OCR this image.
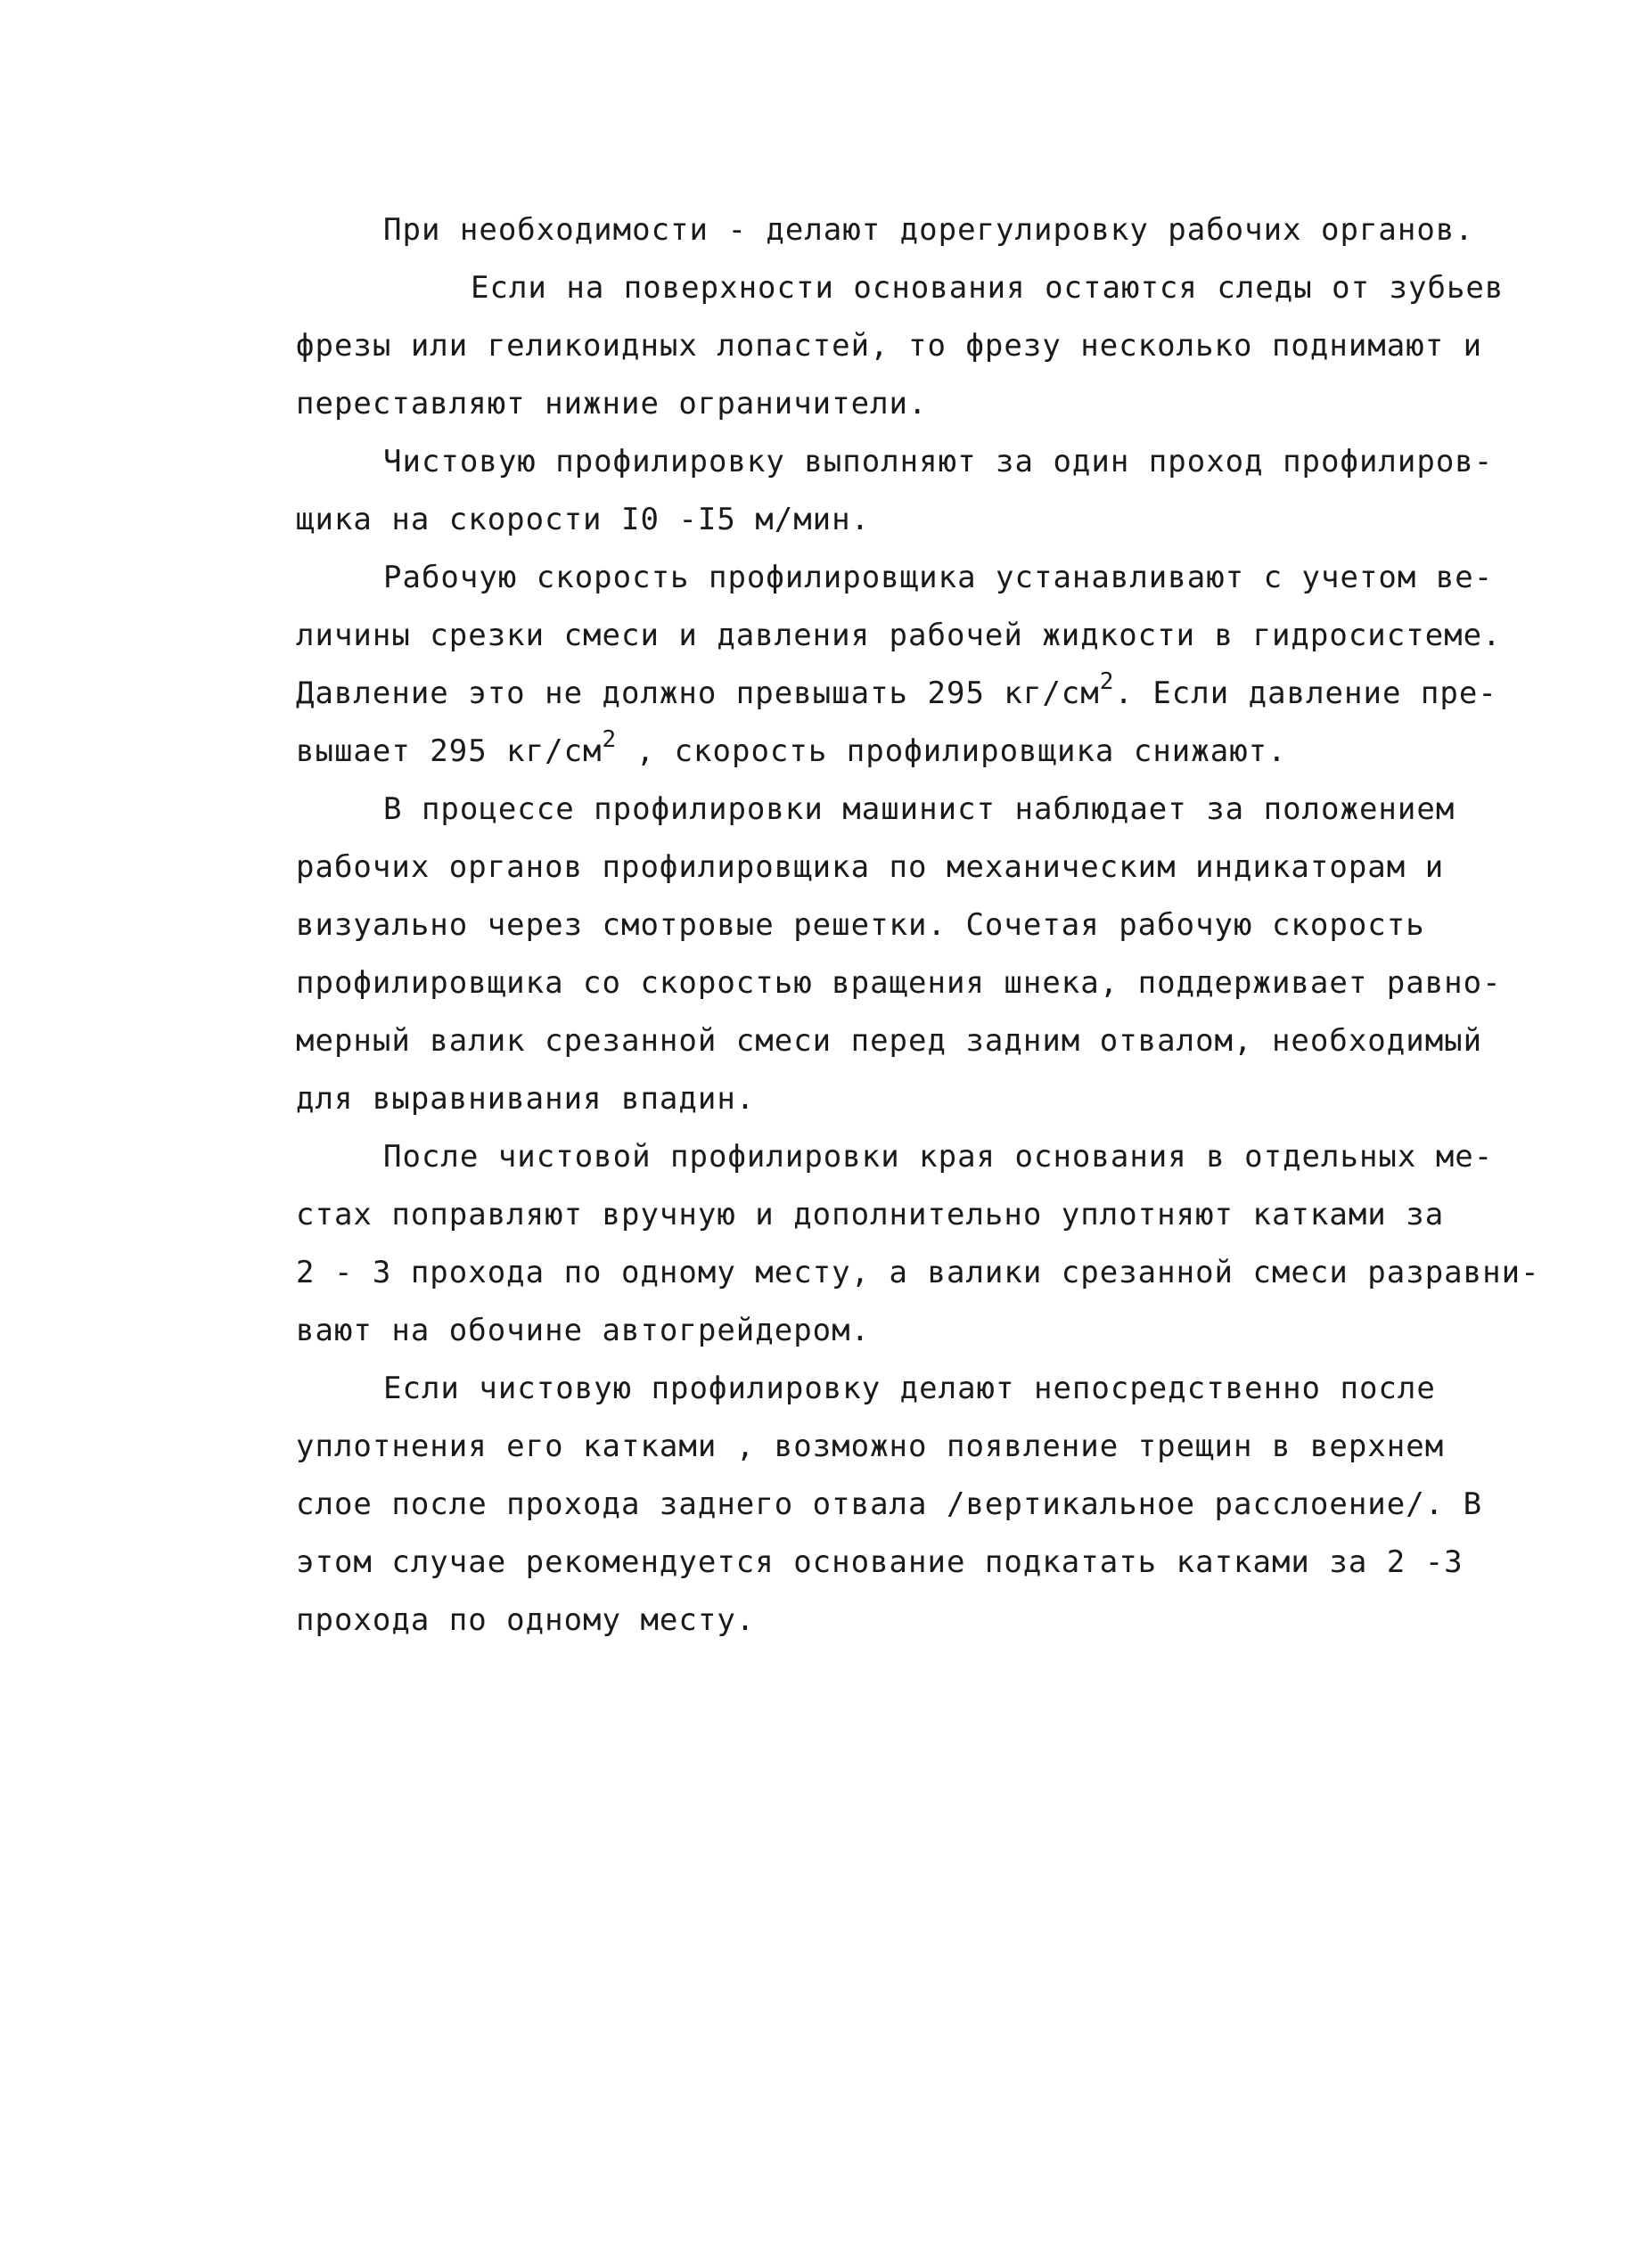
При необходимости - делают дорегулировку рабочих органов.
Если на поверхности основания остаются следы от зубьев
фрезы или геликоидных лопастей, то фрезу несколько поднимают и
переставляют нижние ограничители.
Чистовую профилировку выполняют за один проход профилиров-
щика на скорости I0 -I5 м/мин.
Рабочую скорость профилировщика устанавливают с учетом ве-
личины срезки смеси и давления рабочей жидкости в гидросистеме.
Давление это не должно превышать 295 $кг/см^2$. Если давление пре-
вышает 295 $кг/см^2$ , скорость профилировщика снижают.
В процессе профилировки машинист наблюдает за положением
рабочих органов профилировщика по механическим индикаторам и
визуально через смотровые решетки. Сочетая рабочую скорость
профилировщика со скоростью вращения шнека, поддерживает равно-
мерный валик срезанной смеси перед задним отвалом, необходимый
для выравнивания впадин.
После чистовой профилировки края основания в отдельных ме-
стах поправляют вручную и дополнительно уплотняют катками за
2 - 3 прохода по одному месту, а валики срезанной смеси разравни-
вают на обочине автогрейдером.
Если чистовую профилировку делают непосредственно после
уплотнения его катками , возможно появление трещин в верхнем
слое после прохода заднего отвала /вертикальное расслоение/. В
этом случае рекомендуется основание подкатать катками за 2 -3
прохода по одному месту.
